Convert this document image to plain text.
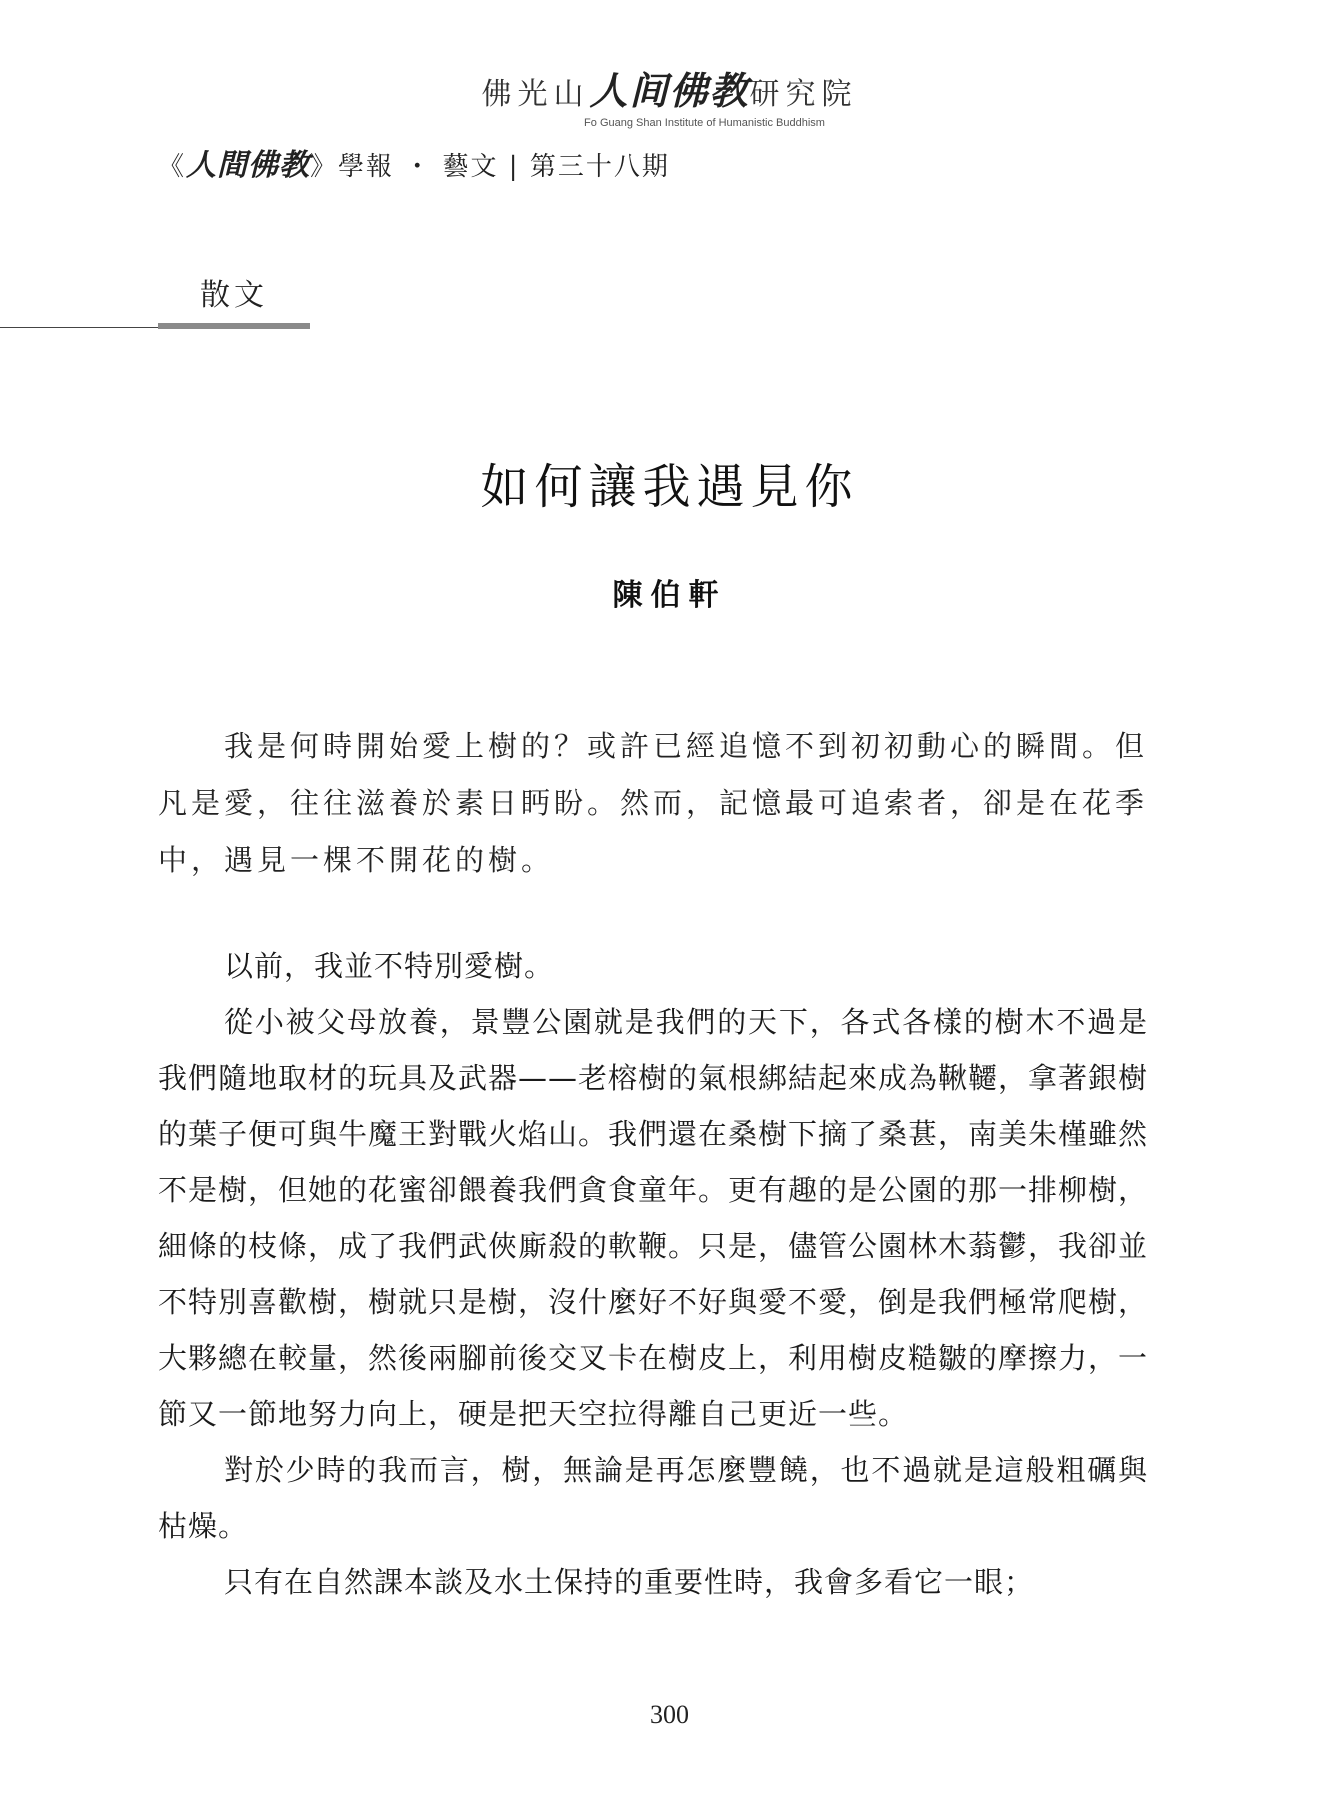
佛光山人间佛教研究院
Fo Guang Shan Institute of Humanistic Buddhism
《人間佛教》學報 ・ 藝文 | 第三十八期
散文
如何讓我遇見你
陳伯軒

我是何時開始愛上樹的？或許已經追憶不到初初動心的瞬間。但凡是愛，往往滋養於素日眄盼。然而，記憶最可追索者，卻是在花季中，遇見一棵不開花的樹。

以前，我並不特別愛樹。

從小被父母放養，景豐公園就是我們的天下，各式各樣的樹木不過是我們隨地取材的玩具及武器——老榕樹的氣根綁結起來成為鞦韆，拿著銀樹的葉子便可與牛魔王對戰火焰山。我們還在桑樹下摘了桑葚，南美朱槿雖然不是樹，但她的花蜜卻餵養我們貪食童年。更有趣的是公園的那一排柳樹，細條的枝條，成了我們武俠廝殺的軟鞭。只是，儘管公園林木蓊鬱，我卻並不特別喜歡樹，樹就只是樹，沒什麼好不好與愛不愛，倒是我們極常爬樹，大夥總在較量，然後兩腳前後交叉卡在樹皮上，利用樹皮糙皺的摩擦力，一節又一節地努力向上，硬是把天空拉得離自己更近一些。

對於少時的我而言，樹，無論是再怎麼豐饒，也不過就是這般粗礪與枯燥。

只有在自然課本談及水土保持的重要性時，我會多看它一眼；

300
